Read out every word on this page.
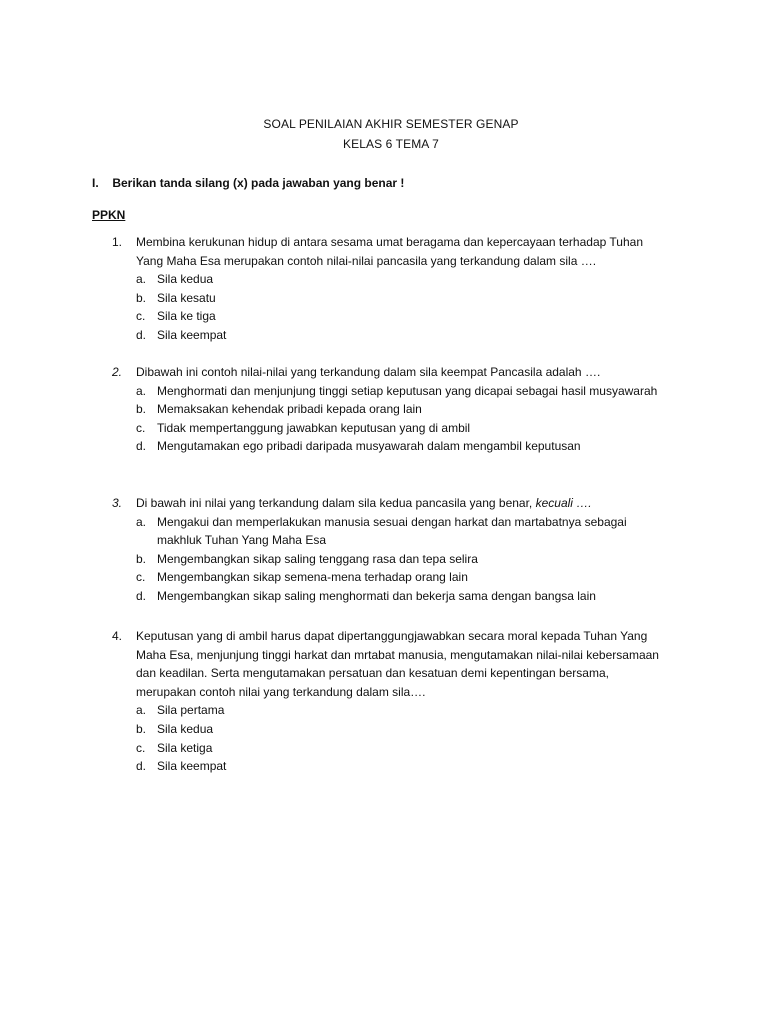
SOAL PENILAIAN AKHIR SEMESTER GENAP
KELAS 6 TEMA 7
I. Berikan tanda silang (x) pada jawaban yang benar !
PPKN
1.	Membina kerukunan hidup di antara sesama umat beragama dan kepercayaan terhadap Tuhan Yang Maha Esa merupakan contoh nilai-nilai pancasila yang terkandung dalam sila ….
a. Sila kedua
b. Sila kesatu
c. Sila ke tiga
d. Sila keempat
2.	Dibawah ini contoh nilai-nilai yang terkandung dalam sila keempat Pancasila adalah ….
a. Menghormati dan menjunjung tinggi setiap keputusan yang dicapai sebagai hasil musyawarah
b. Memaksakan kehendak pribadi kepada orang lain
c. Tidak mempertanggung jawabkan keputusan yang di ambil
d. Mengutamakan ego pribadi daripada musyawarah dalam mengambil keputusan
3.	Di bawah ini nilai yang terkandung dalam sila kedua pancasila yang benar, kecuali ….
a. Mengakui dan memperlakukan manusia sesuai dengan harkat dan martabatnya sebagai makhluk Tuhan Yang Maha Esa
b. Mengembangkan sikap saling tenggang rasa dan tepa selira
c. Mengembangkan sikap semena-mena terhadap orang lain
d. Mengembangkan sikap saling menghormati dan bekerja sama dengan bangsa lain
4.	Keputusan yang di ambil harus dapat dipertanggungjawabkan secara moral kepada Tuhan Yang Maha Esa, menjunjung tinggi harkat dan mrtabat manusia, mengutamakan nilai-nilai kebersamaan dan keadilan. Serta mengutamakan persatuan dan kesatuan demi kepentingan bersama, merupakan contoh nilai yang terkandung dalam sila….
a. Sila pertama
b. Sila kedua
c. Sila ketiga
d. Sila keempat
